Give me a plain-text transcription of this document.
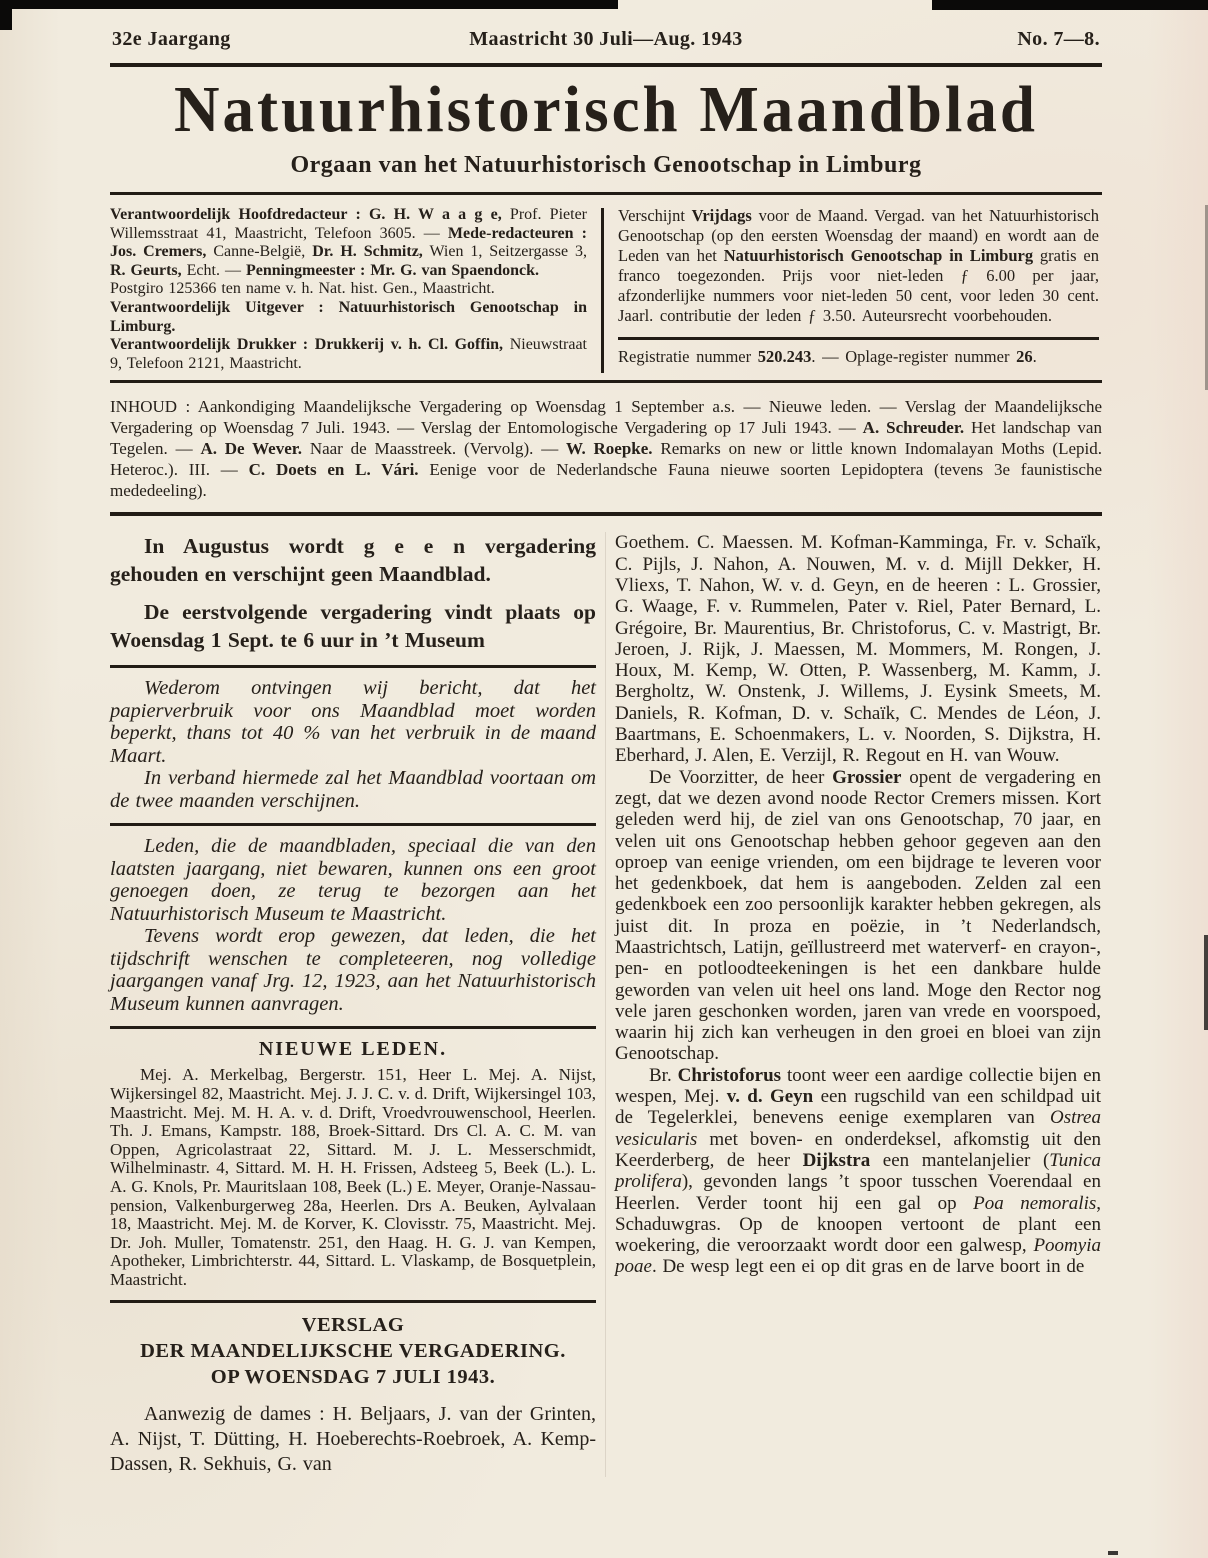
32e Jaargang	Maastricht 30 Juli—Aug. 1943	No. 7—8.
Natuurhistorisch Maandblad
Orgaan van het Natuurhistorisch Genootschap in Limburg

Verantwoordelijk Hoofdredacteur : G. H. W a a g e, Prof. Pieter Willemsstraat 41, Maastricht, Telefoon 3605. — Mede-redacteuren : Jos. Cremers, Canne-België, Dr. H. Schmitz, Wien 1, Seitzergasse 3, R. Geurts, Echt. — Penningmeester : Mr. G. van Spaendonck.

Postgiro 125366 ten name v. h. Nat. hist. Gen., Maastricht.

Verantwoordelijk Uitgever : Natuurhistorisch Genootschap in Limburg.

Verantwoordelijk Drukker : Drukkerij v. h. Cl. Goffin, Nieuwstraat 9, Telefoon 2121, Maastricht.

Verschijnt Vrijdags voor de Maand. Vergad. van het Natuurhistorisch Genootschap (op den eersten Woensdag der maand) en wordt aan de Leden van het Natuurhistorisch Genootschap in Limburg gratis en franco toegezonden. Prijs voor niet-leden ƒ 6.00 per jaar, afzonderlijke nummers voor niet-leden 50 cent, voor leden 30 cent. Jaarl. contributie der leden ƒ 3.50. Auteursrecht voorbehouden.

Registratie nummer 520.243. — Oplage-register nummer 26.

INHOUD : Aankondiging Maandelijksche Vergadering op Woensdag 1 September a.s. — Nieuwe leden. — Verslag der Maandelijksche Vergadering op Woensdag 7 Juli. 1943. — Verslag der Entomologische Vergadering op 17 Juli 1943. — A. Schreuder. Het landschap van Tegelen. — A. De Wever. Naar de Maasstreek. (Vervolg). — W. Roepke. Remarks on new or little known Indomalayan Moths (Lepid. Heteroc.). III. — C. Doets en L. Vári. Eenige voor de Nederlandsche Fauna nieuwe soorten Lepidoptera (tevens 3e faunistische mededeeling).

In Augustus wordt g e e n vergadering gehouden en verschijnt geen Maandblad.

De eerstvolgende vergadering vindt plaats op Woensdag 1 Sept. te 6 uur in ’t Museum

Wederom ontvingen wij bericht, dat het papierverbruik voor ons Maandblad moet worden beperkt, thans tot 40 % van het verbruik in de maand Maart.

In verband hiermede zal het Maandblad voortaan om de twee maanden verschijnen.

Leden, die de maandbladen, speciaal die van den laatsten jaargang, niet bewaren, kunnen ons een groot genoegen doen, ze terug te bezorgen aan het Natuurhistorisch Museum te Maastricht.

Tevens wordt erop gewezen, dat leden, die het tijdschrift wenschen te completeeren, nog volledige jaargangen vanaf Jrg. 12, 1923, aan het Natuurhistorisch Museum kunnen aanvragen.

NIEUWE LEDEN.

Mej. A. Merkelbag, Bergerstr. 151, Heer L. Mej. A. Nijst, Wijkersingel 82, Maastricht. Mej. J. J. C. v. d. Drift, Wijkersingel 103, Maastricht. Mej. M. H. A. v. d. Drift, Vroedvrouwenschool, Heerlen. Th. J. Emans, Kampstr. 188, Broek-Sittard. Drs Cl. A. C. M. van Oppen, Agricolastraat 22, Sittard. M. J. L. Messerschmidt, Wilhelminastr. 4, Sittard. M. H. H. Frissen, Adsteeg 5, Beek (L.). L. A. G. Knols, Pr. Mauritslaan 108, Beek (L.) E. Meyer, Oranje-Nassau-pension, Valkenburgerweg 28a, Heerlen. Drs A. Beuken, Aylvalaan 18, Maastricht. Mej. M. de Korver, K. Clovisstr. 75, Maastricht. Mej. Dr. Joh. Muller, Tomatenstr. 251, den Haag. H. G. J. van Kempen, Apotheker, Limbrichterstr. 44, Sittard. L. Vlaskamp, de Bosquetplein, Maastricht.

VERSLAG
DER MAANDELIJKSCHE VERGADERING.
OP WOENSDAG 7 JULI 1943.

Aanwezig de dames : H. Beljaars, J. van der Grinten, A. Nijst, T. Dütting, H. Hoeberechts-Roebroek, A. Kemp-Dassen, R. Sekhuis, G. van

Goethem. C. Maessen. M. Kofman-Kamminga, Fr. v. Schaïk, C. Pijls, J. Nahon, A. Nouwen, M. v. d. Mijll Dekker, H. Vliexs, T. Nahon, W. v. d. Geyn, en de heeren : L. Grossier, G. Waage, F. v. Rummelen, Pater v. Riel, Pater Bernard, L. Grégoire, Br. Maurentius, Br. Christoforus, C. v. Mastrigt, Br. Jeroen, J. Rijk, J. Maessen, M. Mommers, M. Rongen, J. Houx, M. Kemp, W. Otten, P. Wassenberg, M. Kamm, J. Bergholtz, W. Onstenk, J. Willems, J. Eysink Smeets, M. Daniels, R. Kofman, D. v. Schaïk, C. Mendes de Léon, J. Baartmans, E. Schoenmakers, L. v. Noorden, S. Dijkstra, H. Eberhard, J. Alen, E. Verzijl, R. Regout en H. van Wouw.

De Voorzitter, de heer Grossier opent de vergadering en zegt, dat we dezen avond noode Rector Cremers missen. Kort geleden werd hij, de ziel van ons Genootschap, 70 jaar, en velen uit ons Genootschap hebben gehoor gegeven aan den oproep van eenige vrienden, om een bijdrage te leveren voor het gedenkboek, dat hem is aangeboden. Zelden zal een gedenkboek een zoo persoonlijk karakter hebben gekregen, als juist dit. In proza en poëzie, in ’t Nederlandsch, Maastrichtsch, Latijn, geïllustreerd met waterverf- en crayon-, pen- en potloodteekeningen is het een dankbare hulde geworden van velen uit heel ons land. Moge den Rector nog vele jaren geschonken worden, jaren van vrede en voorspoed, waarin hij zich kan verheugen in den groei en bloei van zijn Genootschap.

Br. Christoforus toont weer een aardige collectie bijen en wespen, Mej. v. d. Geyn een rugschild van een schildpad uit de Tegelerklei, benevens eenige exemplaren van Ostrea vesicularis met boven- en onderdeksel, afkomstig uit den Keerderberg, de heer Dijkstra een mantelanjelier (Tunica prolifera), gevonden langs ’t spoor tusschen Voerendaal en Heerlen. Verder toont hij een gal op Poa nemoralis, Schaduwgras. Op de knoopen vertoont de plant een woekering, die veroorzaakt wordt door een galwesp, Poomyia poae. De wesp legt een ei op dit gras en de larve boort in de
